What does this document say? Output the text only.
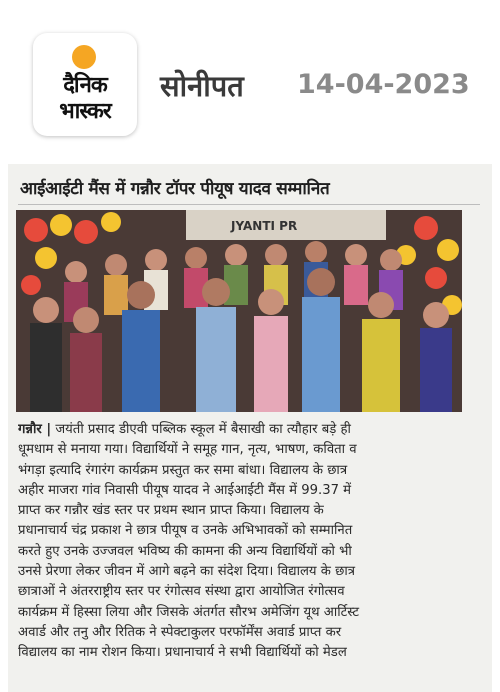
दैनिक
भास्कर
सोनीपत 14-04-2023
आईआईटी मैंस में गन्नौर टॉपर पीयूष यादव सम्मानित
JYANTI PR
गन्नौर | जयंती प्रसाद डीएवी पब्लिक स्कूल में बैसाखी का त्यौहार बड़े ही
धूमधाम से मनाया गया। विद्यार्थियों ने समूह गान, नृत्य, भाषण, कविता व
भंगड़ा इत्यादि रंगारंग कार्यक्रम प्रस्तुत कर समा बांधा। विद्यालय के छात्र
अहीर माजरा गांव निवासी पीयूष यादव ने आईआईटी मैंस में 99.37 में
प्राप्त कर गन्नौर खंड स्तर पर प्रथम स्थान प्राप्त किया। विद्यालय के
प्रधानाचार्य चंद्र प्रकाश ने छात्र पीयूष व उनके अभिभावकों को सम्मानित
करते हुए उनके उज्जवल भविष्य की कामना की अन्य विद्यार्थियों को भी
उनसे प्रेरणा लेकर जीवन में आगे बढ़ने का संदेश दिया। विद्यालय के छात्र
छात्राओं ने अंतरराष्ट्रीय स्तर पर रंगोत्सव संस्था द्वारा आयोजित रंगोत्सव
कार्यक्रम में हिस्सा लिया और जिसके अंतर्गत सौरभ अमेजिंग यूथ आर्टिस्ट
अवार्ड और तनु और रितिक ने स्पेक्टाकुलर परफॉर्मेंस अवार्ड प्राप्त कर
विद्यालय का नाम रोशन किया। प्रधानाचार्य ने सभी विद्यार्थियों को मेडल
